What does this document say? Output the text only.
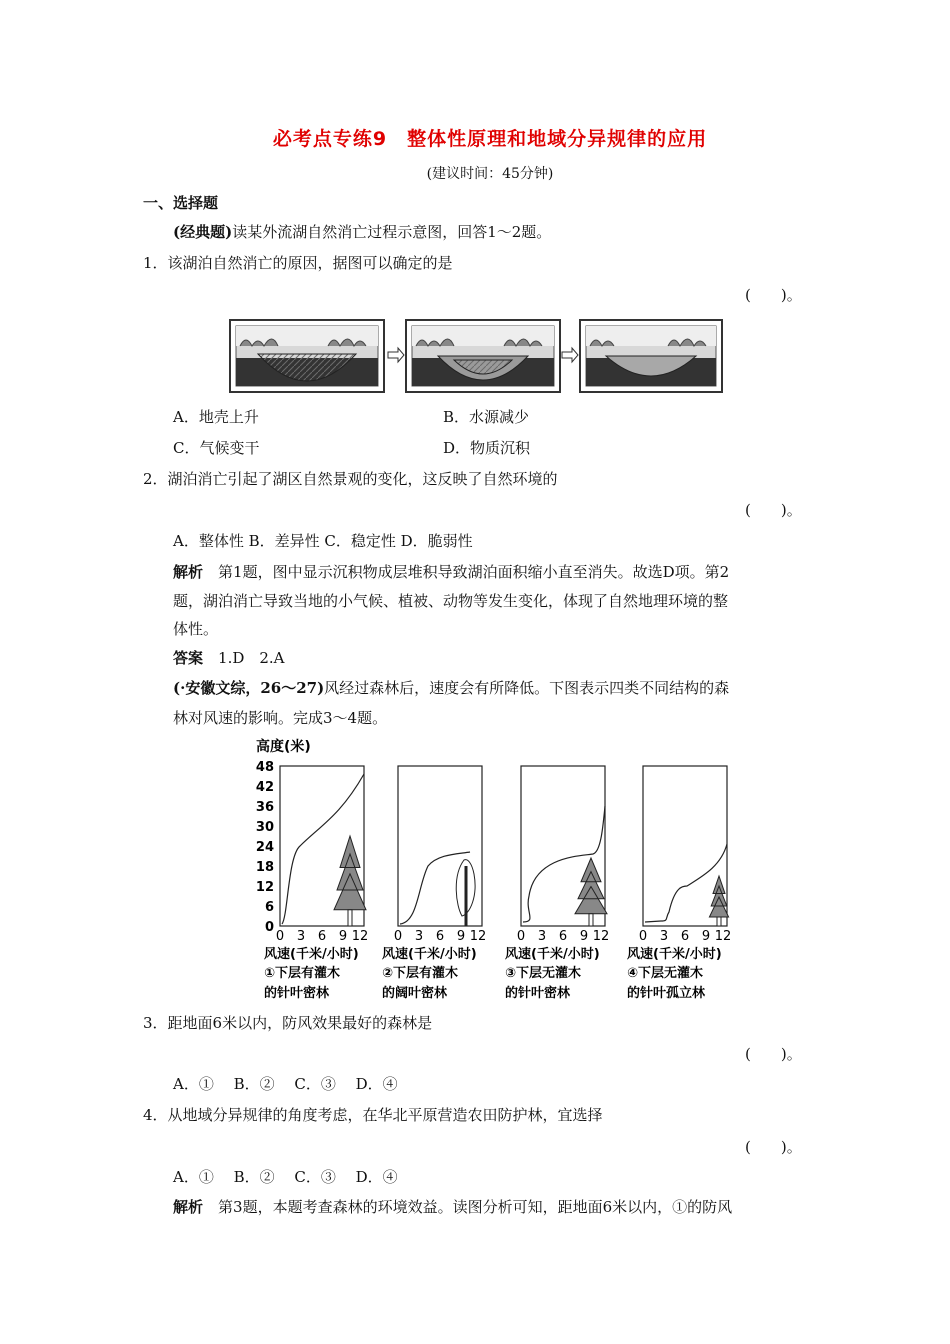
必考点专练9　整体性原理和地域分异规律的应用
(建议时间：45分钟)
一、选择题
(经典题)读某外流湖自然消亡过程示意图，回答1～2题。
1．该湖泊自然消亡的原因，据图可以确定的是
(　　)。
A．地壳上升	B．水源减少
C．气候变干	D．物质沉积
2．湖泊消亡引起了湖区自然景观的变化，这反映了自然环境的
(　　)。
A．整体性 B．差异性 C．稳定性 D．脆弱性
解析　 第1题，图中显示沉积物成层堆积导致湖泊面积缩小直至消失。故选D项。第2
题，湖泊消亡导致当地的小气候、植被、动物等发生变化，体现了自然地理环境的整
体性。
答案　 1.D　2.A
(·安徽文综，26～27)风经过森林后，速度会有所降低。下图表示四类不同结构的森
林对风速的影响。完成3～4题。
高度(米)
48
42
36
30
24
18
12
6
0
0 3 6 9 12
风速(千米/小时)
①下层有灌木
的针叶密林
0 3 6 9 12
风速(千米/小时)
②下层有灌木
的阔叶密林
0 3 6 9 12
风速(千米/小时)
③下层无灌木
的针叶密林
0 3 6 9 12
风速(千米/小时)
④下层无灌木
的针叶孤立林
3．距地面6米以内，防风效果最好的森林是
(　　)。
A．①　 B．②　 C．③　 D．④
4．从地域分异规律的角度考虑，在华北平原营造农田防护林，宜选择
(　　)。
A．①　 B．②　 C．③　 D．④
解析　 第3题，本题考查森林的环境效益。读图分析可知，距地面6米以内，①的防风
